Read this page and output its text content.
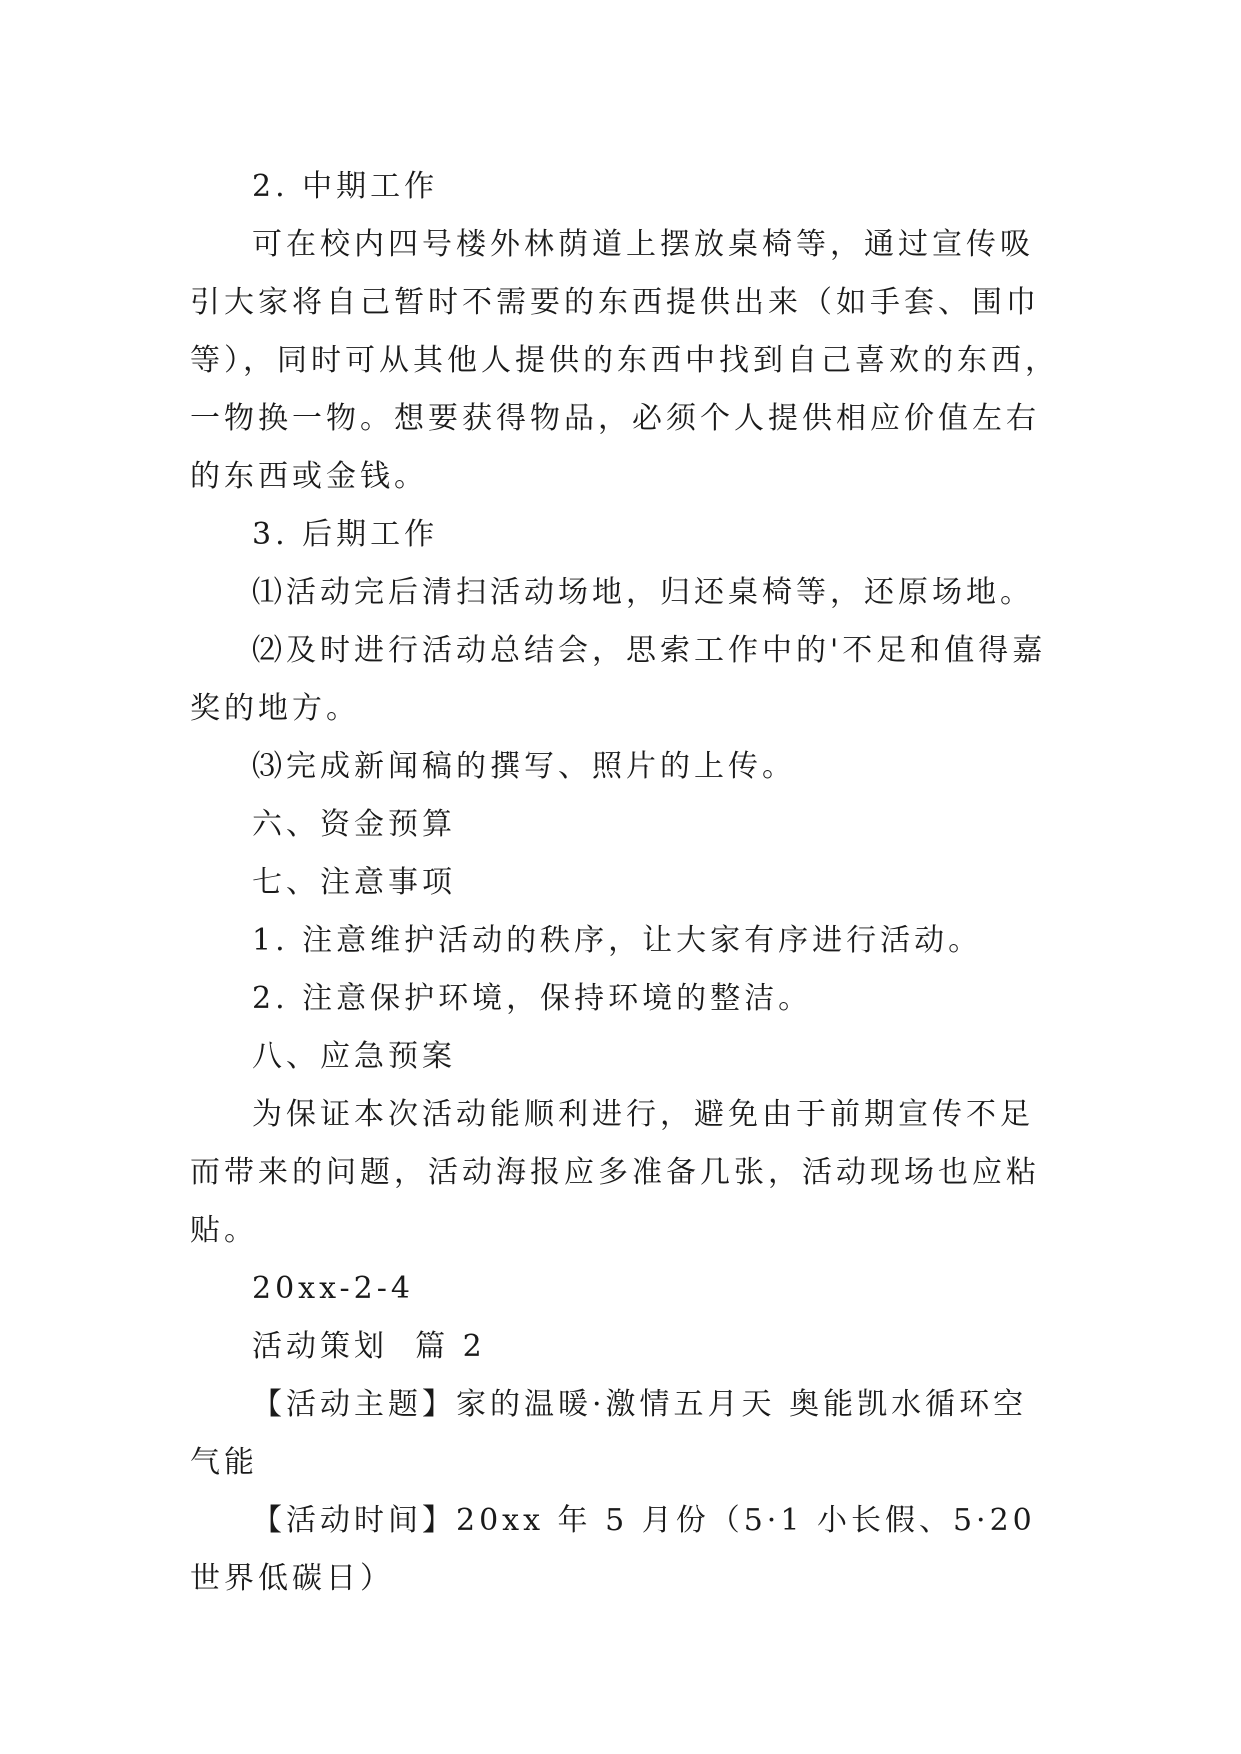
2. 中期工作

可在校内四号楼外林荫道上摆放桌椅等，通过宣传吸引大家将自己暂时不需要的东西提供出来（如手套、围巾等），同时可从其他人提供的东西中找到自己喜欢的东西，一物换一物。想要获得物品，必须个人提供相应价值左右的东西或金钱。

3. 后期工作

⑴活动完后清扫活动场地，归还桌椅等，还原场地。

⑵及时进行活动总结会，思索工作中的'不足和值得嘉奖的地方。

⑶完成新闻稿的撰写、照片的上传。

六、资金预算

七、注意事项

1. 注意维护活动的秩序，让大家有序进行活动。

2. 注意保护环境，保持环境的整洁。

八、应急预案

为保证本次活动能顺利进行，避免由于前期宣传不足而带来的问题，活动海报应多准备几张，活动现场也应粘贴。

20xx-2-4

活动策划  篇 2

【活动主题】家的温暖·激情五月天 奥能凯水循环空气能

【活动时间】20xx 年 5 月份（5·1 小长假、5·20 世界低碳日）
